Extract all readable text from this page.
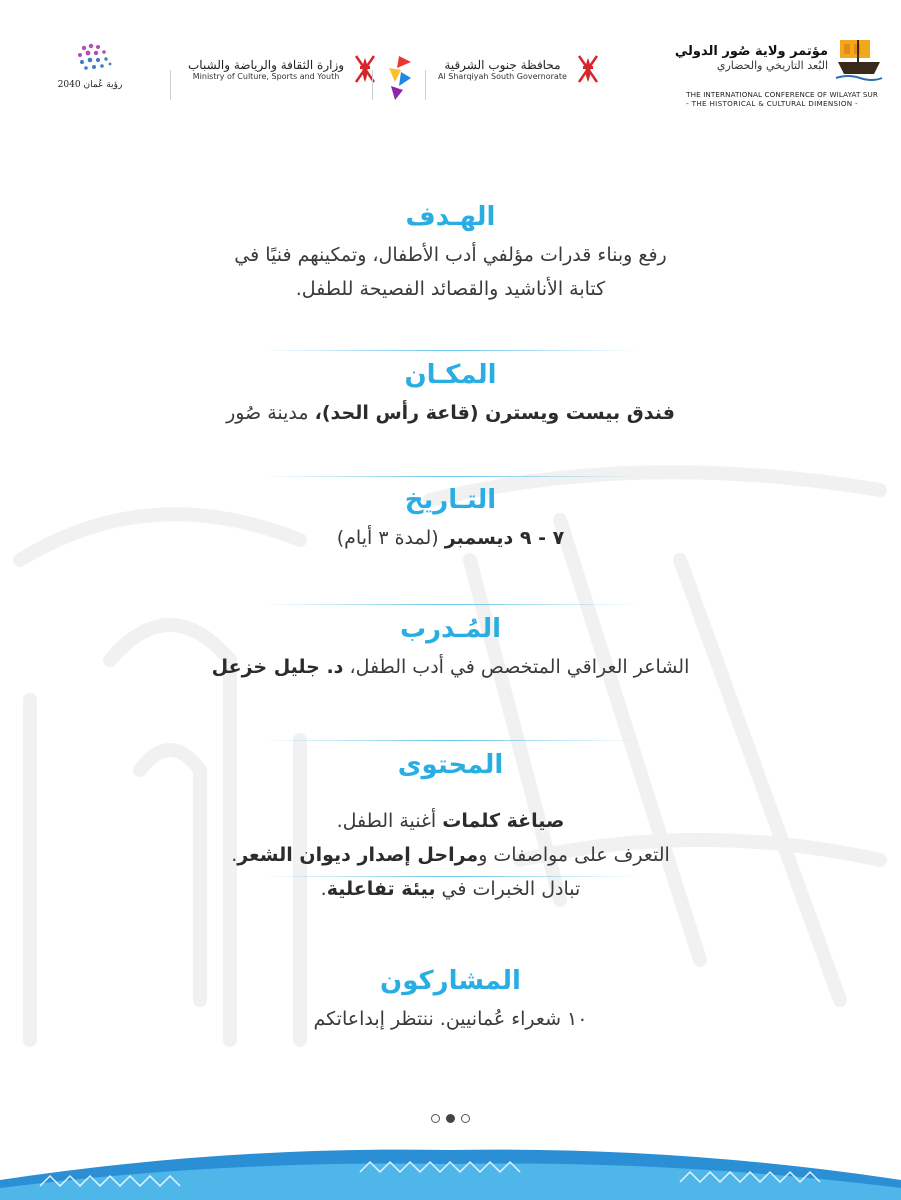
رؤية عُمان 2040
وزارة الثقافة والرياضة والشباب
Ministry of Culture, Sports and Youth
محافظة جنوب الشرقية
Al Sharqiyah South Governorate
مؤتمر ولاية صُور الدولي
البُعد التاريخي والحضاري
THE INTERNATIONAL CONFERENCE OF WILAYAT SUR
- THE HISTORICAL & CULTURAL DIMENSION -
الهـدف

رفع وبناء قدرات مؤلفي أدب الأطفال، وتمكينهم فنيًا في

كتابة الأناشيد والقصائد الفصيحة للطفل.

المكـان

فندق بيست ويسترن (قاعة رأس الحد)، مدينة صُور

التـاريخ

٧ - ٩ ديسمبر (لمدة ٣ أيام)

المُـدرب

الشاعر العراقي المتخصص في أدب الطفل، د. جليل خزعل

المحتوى

صياغة كلمات أغنية الطفل.

التعرف على مواصفات ومراحل إصدار ديوان الشعر.

تبادل الخبرات في بيئة تفاعلية.

المشاركون

١٠ شعراء عُمانيين. ننتظر إبداعاتكم
